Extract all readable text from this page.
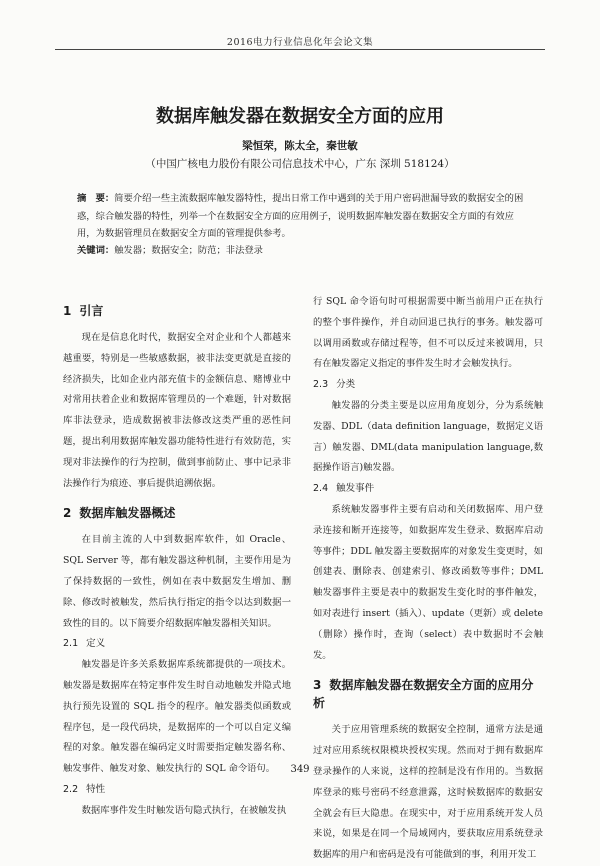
2016电力行业信息化年会论文集
数据库触发器在数据安全方面的应用
梁恒荣，陈太全，秦世敏
（中国广核电力股份有限公司信息技术中心，广东 深圳 518124）
摘　要：简要介绍一些主流数据库触发器特性，提出日常工作中遇到的关于用户密码泄漏导致的数据安全的困惑，综合触发器的特性，列举一个在数据安全方面的应用例子，说明数据库触发器在数据安全方面的有效应用，为数据管理员在数据安全方面的管理提供参考。
关键词：触发器；数据安全；防范；非法登录
1 引言

现在是信息化时代，数据安全对企业和个人都越来越重要，特别是一些敏感数据，被非法变更就是直接的经济损失，比如企业内部充值卡的金额信息、赌博业中对常用扶着企业和数据库管理员的一个难题，针对数据库非法登录，造成数据被非法修改这类严重的恶性问题，提出利用数据库触发器功能特性进行有效防范，实现对非法操作的行为控制，做到事前防止、事中记录非法操作行为痕迹、事后提供追溯依据。

2 数据库触发器概述

在目前主流的人中到数据库软件，如 Oracle、SQL Server 等，都有触发器这种机制，主要作用是为了保持数据的一致性，例如在表中数据发生增加、删除、修改时被触发，然后执行指定的指令以达到数据一致性的目的。以下简要介绍数据库触发器相关知识。

2.1 定义

触发器是许多关系数据库系统都提供的一项技术。触发器是数据库在特定事件发生时自动地触发并隐式地执行预先设置的 SQL 指令的程序。触发器类似函数或程序包，是一段代码块，是数据库的一个可以自定义编程的对象。触发器在编码定义时需要指定触发器名称、触发事件、触发对象、触发执行的 SQL 命令语句。

2.2 特性

数据库事件发生时触发语句隐式执行，在被触发执

行 SQL 命令语句时可根据需要中断当前用户正在执行的整个事件操作，并自动回退已执行的事务。触发器可以调用函数或存储过程等，但不可以反过来被调用，只有在触发器定义指定的事件发生时才会触发执行。

2.3 分类

触发器的分类主要是以应用角度划分，分为系统触发器、DDL（data definition language，数据定义语言）触发器、DML(data manipulation language,数据操作语言)触发器。

2.4 触发事件

系统触发器事件主要有启动和关闭数据库、用户登录连接和断开连接等，如数据库发生登录、数据库启动等事件；DDL 触发器主要数据库的对象发生变更时，如创建表、删除表、创建索引、修改函数等事件；DML 触发器事件主要是表中的数据发生变化时的事件触发，如对表进行 insert（插入）、update（更新）或 delete（删除）操作时，查询（select）表中数据时不会触发。

3 数据库触发器在数据安全方面的应用分析

关于应用管理系统的数据安全控制，通常方法是通过对应用系统权限模块授权实现。然而对于拥有数据库登录操作的人来说，这样的控制是没有作用的。当数据库登录的账号密码不经意泄露，这时候数据库的数据安全就会有巨大隐患。在现实中，对于应用系统开发人员来说，如果是在同一个局域网内，要获取应用系统登录数据库的用户和密码是没有可能做到的事，利用开发工

349
